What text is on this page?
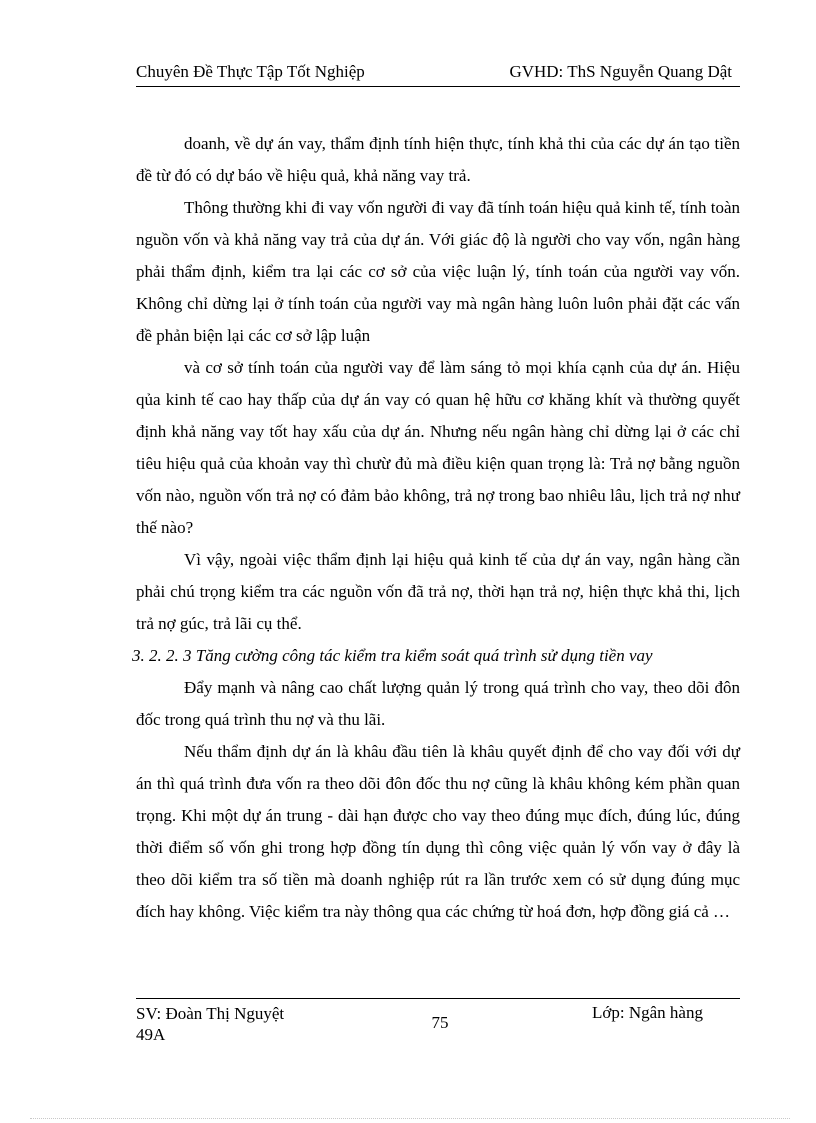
Chuyên Đề Thực Tập Tốt Nghiệp	GVHD: ThS Nguyễn Quang Dật

doanh, về dự án vay, thẩm định tính hiện thực, tính khả thi của các dự án tạo tiền đề từ đó có dự báo về hiệu quả, khả năng vay trả.

Thông thường khi đi vay vốn người đi vay đã tính toán hiệu quả kinh tế, tính toàn nguồn vốn và khả năng vay trả của dự án. Với giác độ là người cho vay vốn, ngân hàng phải thẩm định, kiểm tra lại các cơ sở của việc luận lý, tính toán của người vay vốn. Không chỉ dừng lại ở tính toán của người vay mà ngân hàng luôn luôn phải đặt các vấn đề phản biện lại các cơ sở lập luận

và cơ sở tính toán của người vay để làm sáng tỏ mọi khía cạnh của dự án. Hiệu qủa kinh tế cao hay thấp của dự án vay có quan hệ hữu cơ khăng khít và thường quyết định khả năng vay tốt hay xấu của dự án. Nhưng nếu ngân hàng chỉ dừng lại ở các chỉ tiêu hiệu quả của khoản vay thì chưừ đủ mà điều kiện quan trọng là: Trả nợ bằng nguồn vốn nào, nguồn vốn trả nợ có đảm bảo không, trả nợ trong bao nhiêu lâu, lịch trả nợ như thế nào?

Vì vậy, ngoài việc thẩm định lại hiệu quả kinh tế của dự án vay, ngân hàng cần phải chú trọng kiểm tra các nguồn vốn đã trả nợ, thời hạn trả nợ, hiện thực khả thi, lịch trả nợ gúc, trả lãi cụ thể.

3. 2. 2. 3 Tăng cường công tác kiểm tra kiểm soát quá trình sử dụng tiền vay

Đẩy mạnh và nâng cao chất lượng quản lý trong quá trình cho vay, theo dõi đôn đốc trong quá trình thu nợ và thu lãi.

Nếu thẩm định dự án là khâu đầu tiên là khâu quyết định để cho vay đối với dự án thì quá trình đưa vốn ra theo dõi đôn đốc thu nợ cũng là khâu không kém phần quan trọng. Khi một dự án trung - dài hạn được cho vay theo đúng mục đích, đúng lúc, đúng thời điểm số vốn ghi trong hợp đồng tín dụng thì công việc quản lý vốn vay ở đây là theo dõi kiểm tra số tiền mà doanh nghiệp rút ra lần trước xem có sử dụng đúng mục đích hay không. Việc kiểm tra này thông qua các chứng từ hoá đơn, hợp đồng giá cả …

SV: Đoàn Thị Nguyệt
49A
75
Lớp: Ngân hàng
